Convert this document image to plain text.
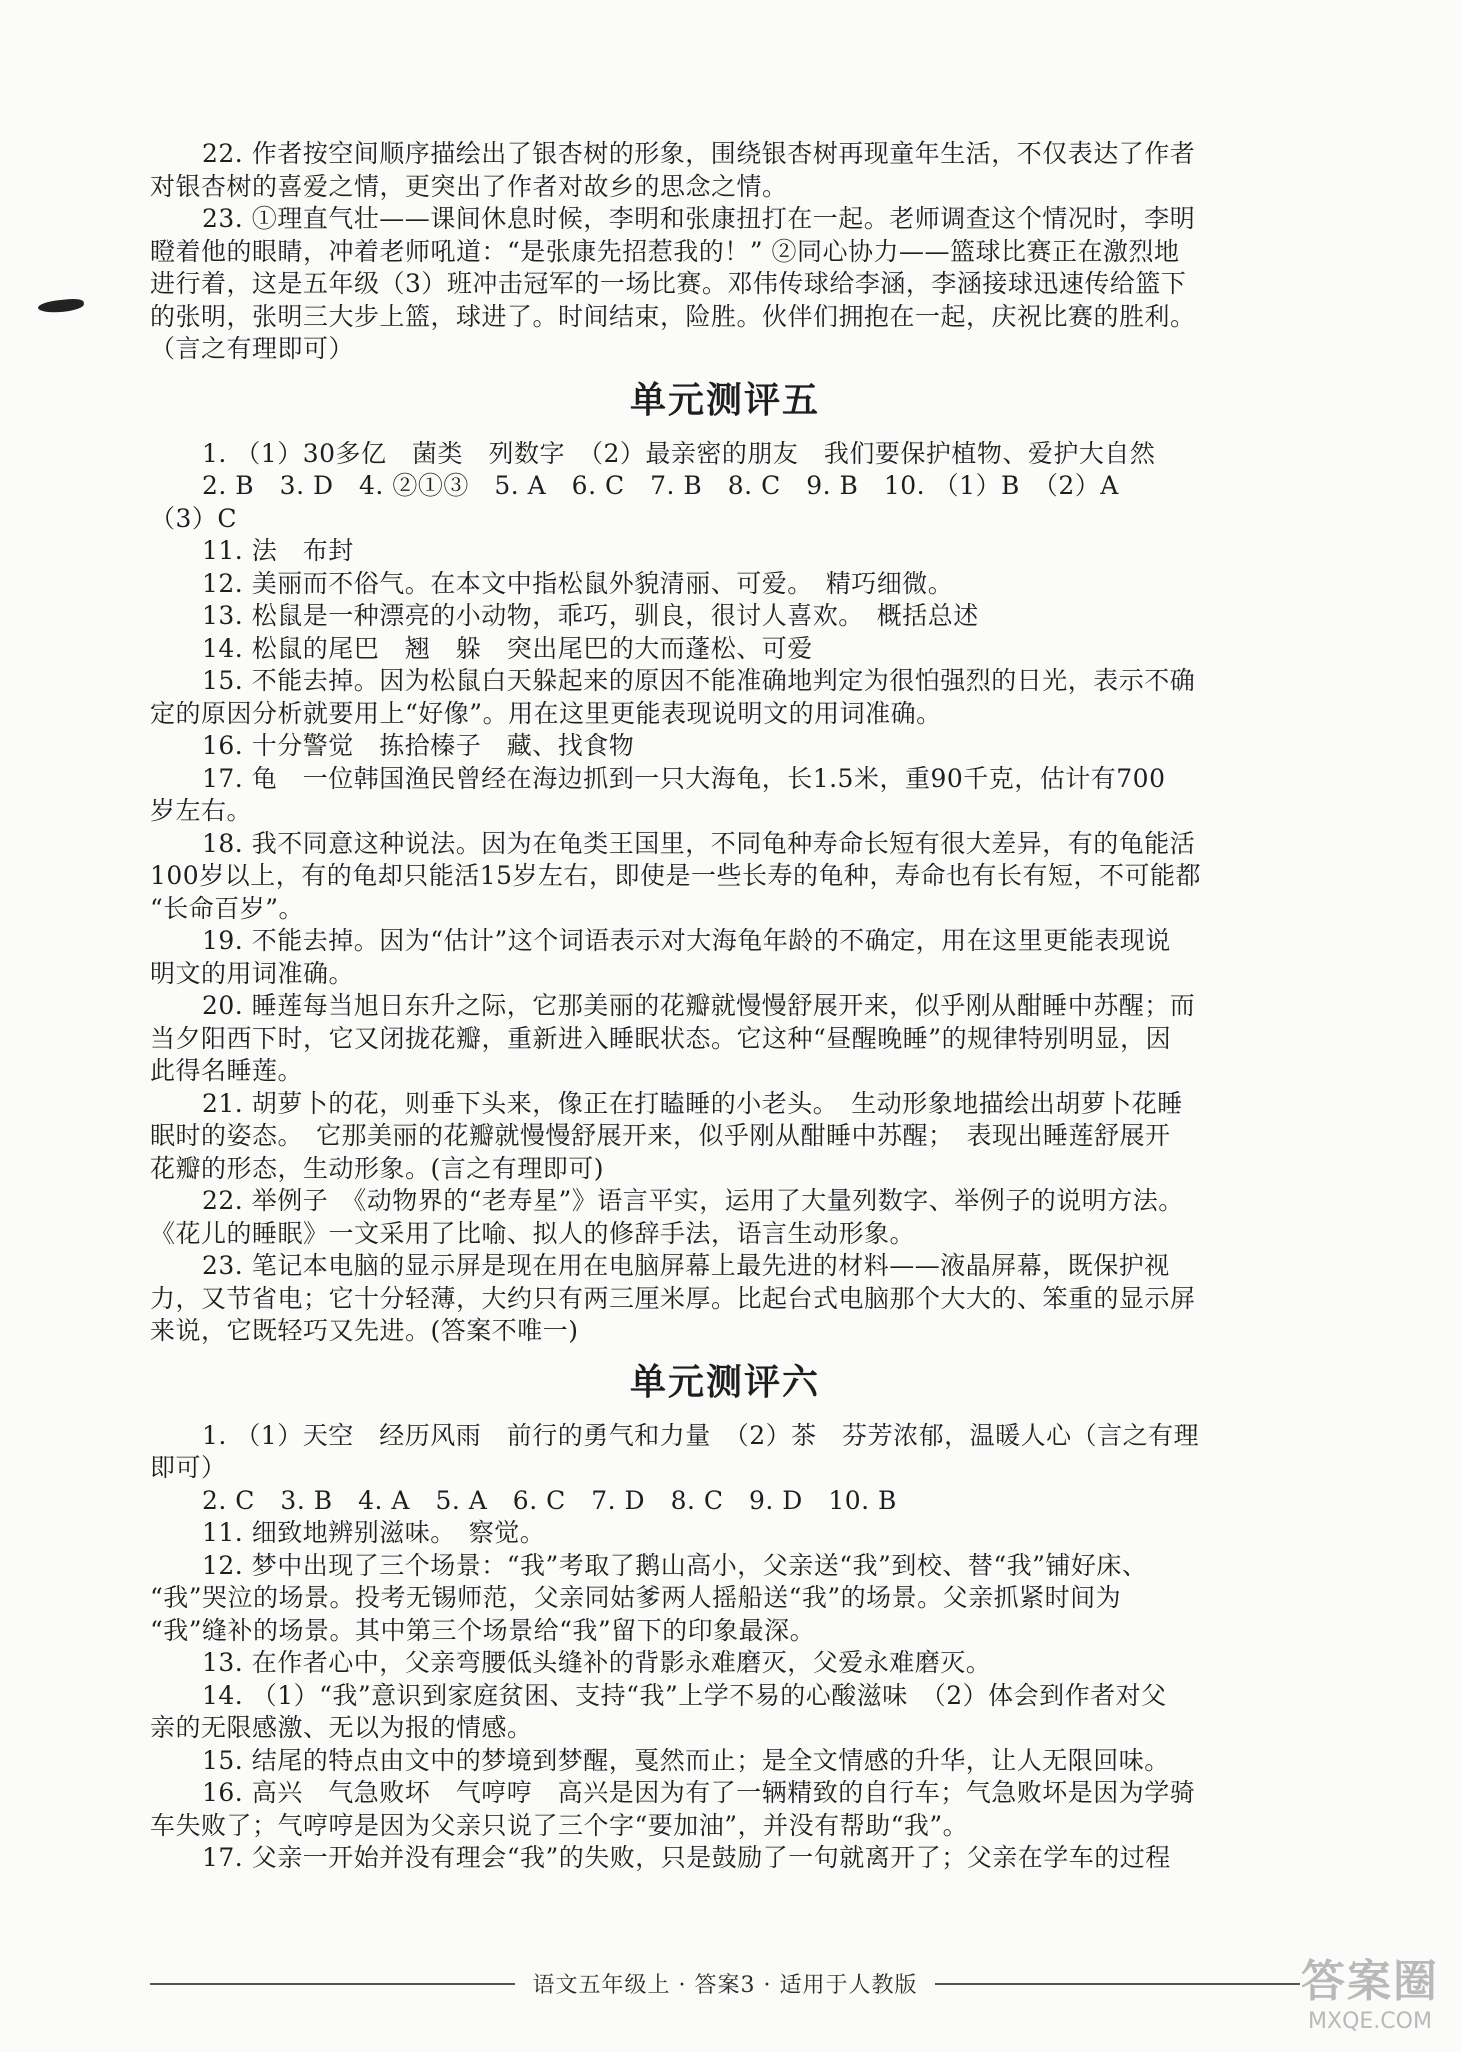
22. 作者按空间顺序描绘出了银杏树的形象，围绕银杏树再现童年生活，不仅表达了作者
对银杏树的喜爱之情，更突出了作者对故乡的思念之情。
23. ①理直气壮——课间休息时候，李明和张康扭打在一起。老师调查这个情况时，李明
瞪着他的眼睛，冲着老师吼道：“是张康先招惹我的！” ②同心协力——篮球比赛正在激烈地
进行着，这是五年级（3）班冲击冠军的一场比赛。邓伟传球给李涵，李涵接球迅速传给篮下
的张明，张明三大步上篮，球进了。时间结束，险胜。伙伴们拥抱在一起，庆祝比赛的胜利。
（言之有理即可）
单元测评五
1. （1）30多亿　菌类　列数字　（2）最亲密的朋友　我们要保护植物、爱护大自然
2. B　3. D　4. ②①③　5. A　6. C　7. B　8. C　9. B　10. （1）B　（2）A
（3）C
11. 法　布封
12. 美丽而不俗气。在本文中指松鼠外貌清丽、可爱。　精巧细微。
13. 松鼠是一种漂亮的小动物，乖巧，驯良，很讨人喜欢。　概括总述
14. 松鼠的尾巴　翘　躲　突出尾巴的大而蓬松、可爱
15. 不能去掉。因为松鼠白天躲起来的原因不能准确地判定为很怕强烈的日光，表示不确
定的原因分析就要用上“好像”。用在这里更能表现说明文的用词准确。
16. 十分警觉　拣拾榛子　藏、找食物
17. 龟　一位韩国渔民曾经在海边抓到一只大海龟，长1.5米，重90千克，估计有700
岁左右。
18. 我不同意这种说法。因为在龟类王国里，不同龟种寿命长短有很大差异，有的龟能活
100岁以上，有的龟却只能活15岁左右，即使是一些长寿的龟种，寿命也有长有短，不可能都
“长命百岁”。
19. 不能去掉。因为“估计”这个词语表示对大海龟年龄的不确定，用在这里更能表现说
明文的用词准确。
20. 睡莲每当旭日东升之际，它那美丽的花瓣就慢慢舒展开来，似乎刚从酣睡中苏醒；而
当夕阳西下时，它又闭拢花瓣，重新进入睡眠状态。它这种“昼醒晚睡”的规律特别明显，因
此得名睡莲。
21. 胡萝卜的花，则垂下头来，像正在打瞌睡的小老头。　生动形象地描绘出胡萝卜花睡
眠时的姿态。　它那美丽的花瓣就慢慢舒展开来，似乎刚从酣睡中苏醒；　表现出睡莲舒展开
花瓣的形态，生动形象。(言之有理即可)
22. 举例子　《动物界的“老寿星”》语言平实，运用了大量列数字、举例子的说明方法。
《花儿的睡眠》一文采用了比喻、拟人的修辞手法，语言生动形象。
23. 笔记本电脑的显示屏是现在用在电脑屏幕上最先进的材料——液晶屏幕，既保护视
力，又节省电；它十分轻薄，大约只有两三厘米厚。比起台式电脑那个大大的、笨重的显示屏
来说，它既轻巧又先进。(答案不唯一)
单元测评六
1. （1）天空　经历风雨　前行的勇气和力量　（2）茶　芬芳浓郁，温暖人心（言之有理
即可）
2. C　3. B　4. A　5. A　6. C　7. D　8. C　9. D　10. B
11. 细致地辨别滋味。　察觉。
12. 梦中出现了三个场景：“我”考取了鹅山高小，父亲送“我”到校、替“我”铺好床、
“我”哭泣的场景。投考无锡师范，父亲同姑爹两人摇船送“我”的场景。父亲抓紧时间为
“我”缝补的场景。其中第三个场景给“我”留下的印象最深。
13. 在作者心中，父亲弯腰低头缝补的背影永难磨灭，父爱永难磨灭。
14. （1）“我”意识到家庭贫困、支持“我”上学不易的心酸滋味　（2）体会到作者对父
亲的无限感激、无以为报的情感。
15. 结尾的特点由文中的梦境到梦醒，戛然而止；是全文情感的升华，让人无限回味。
16. 高兴　气急败坏　气哼哼　高兴是因为有了一辆精致的自行车；气急败坏是因为学骑
车失败了；气哼哼是因为父亲只说了三个字“要加油”，并没有帮助“我”。
17. 父亲一开始并没有理会“我”的失败，只是鼓励了一句就离开了；父亲在学车的过程
语文五年级上 · 答案3 · 适用于人教版	答案圈
MXQE.COM
